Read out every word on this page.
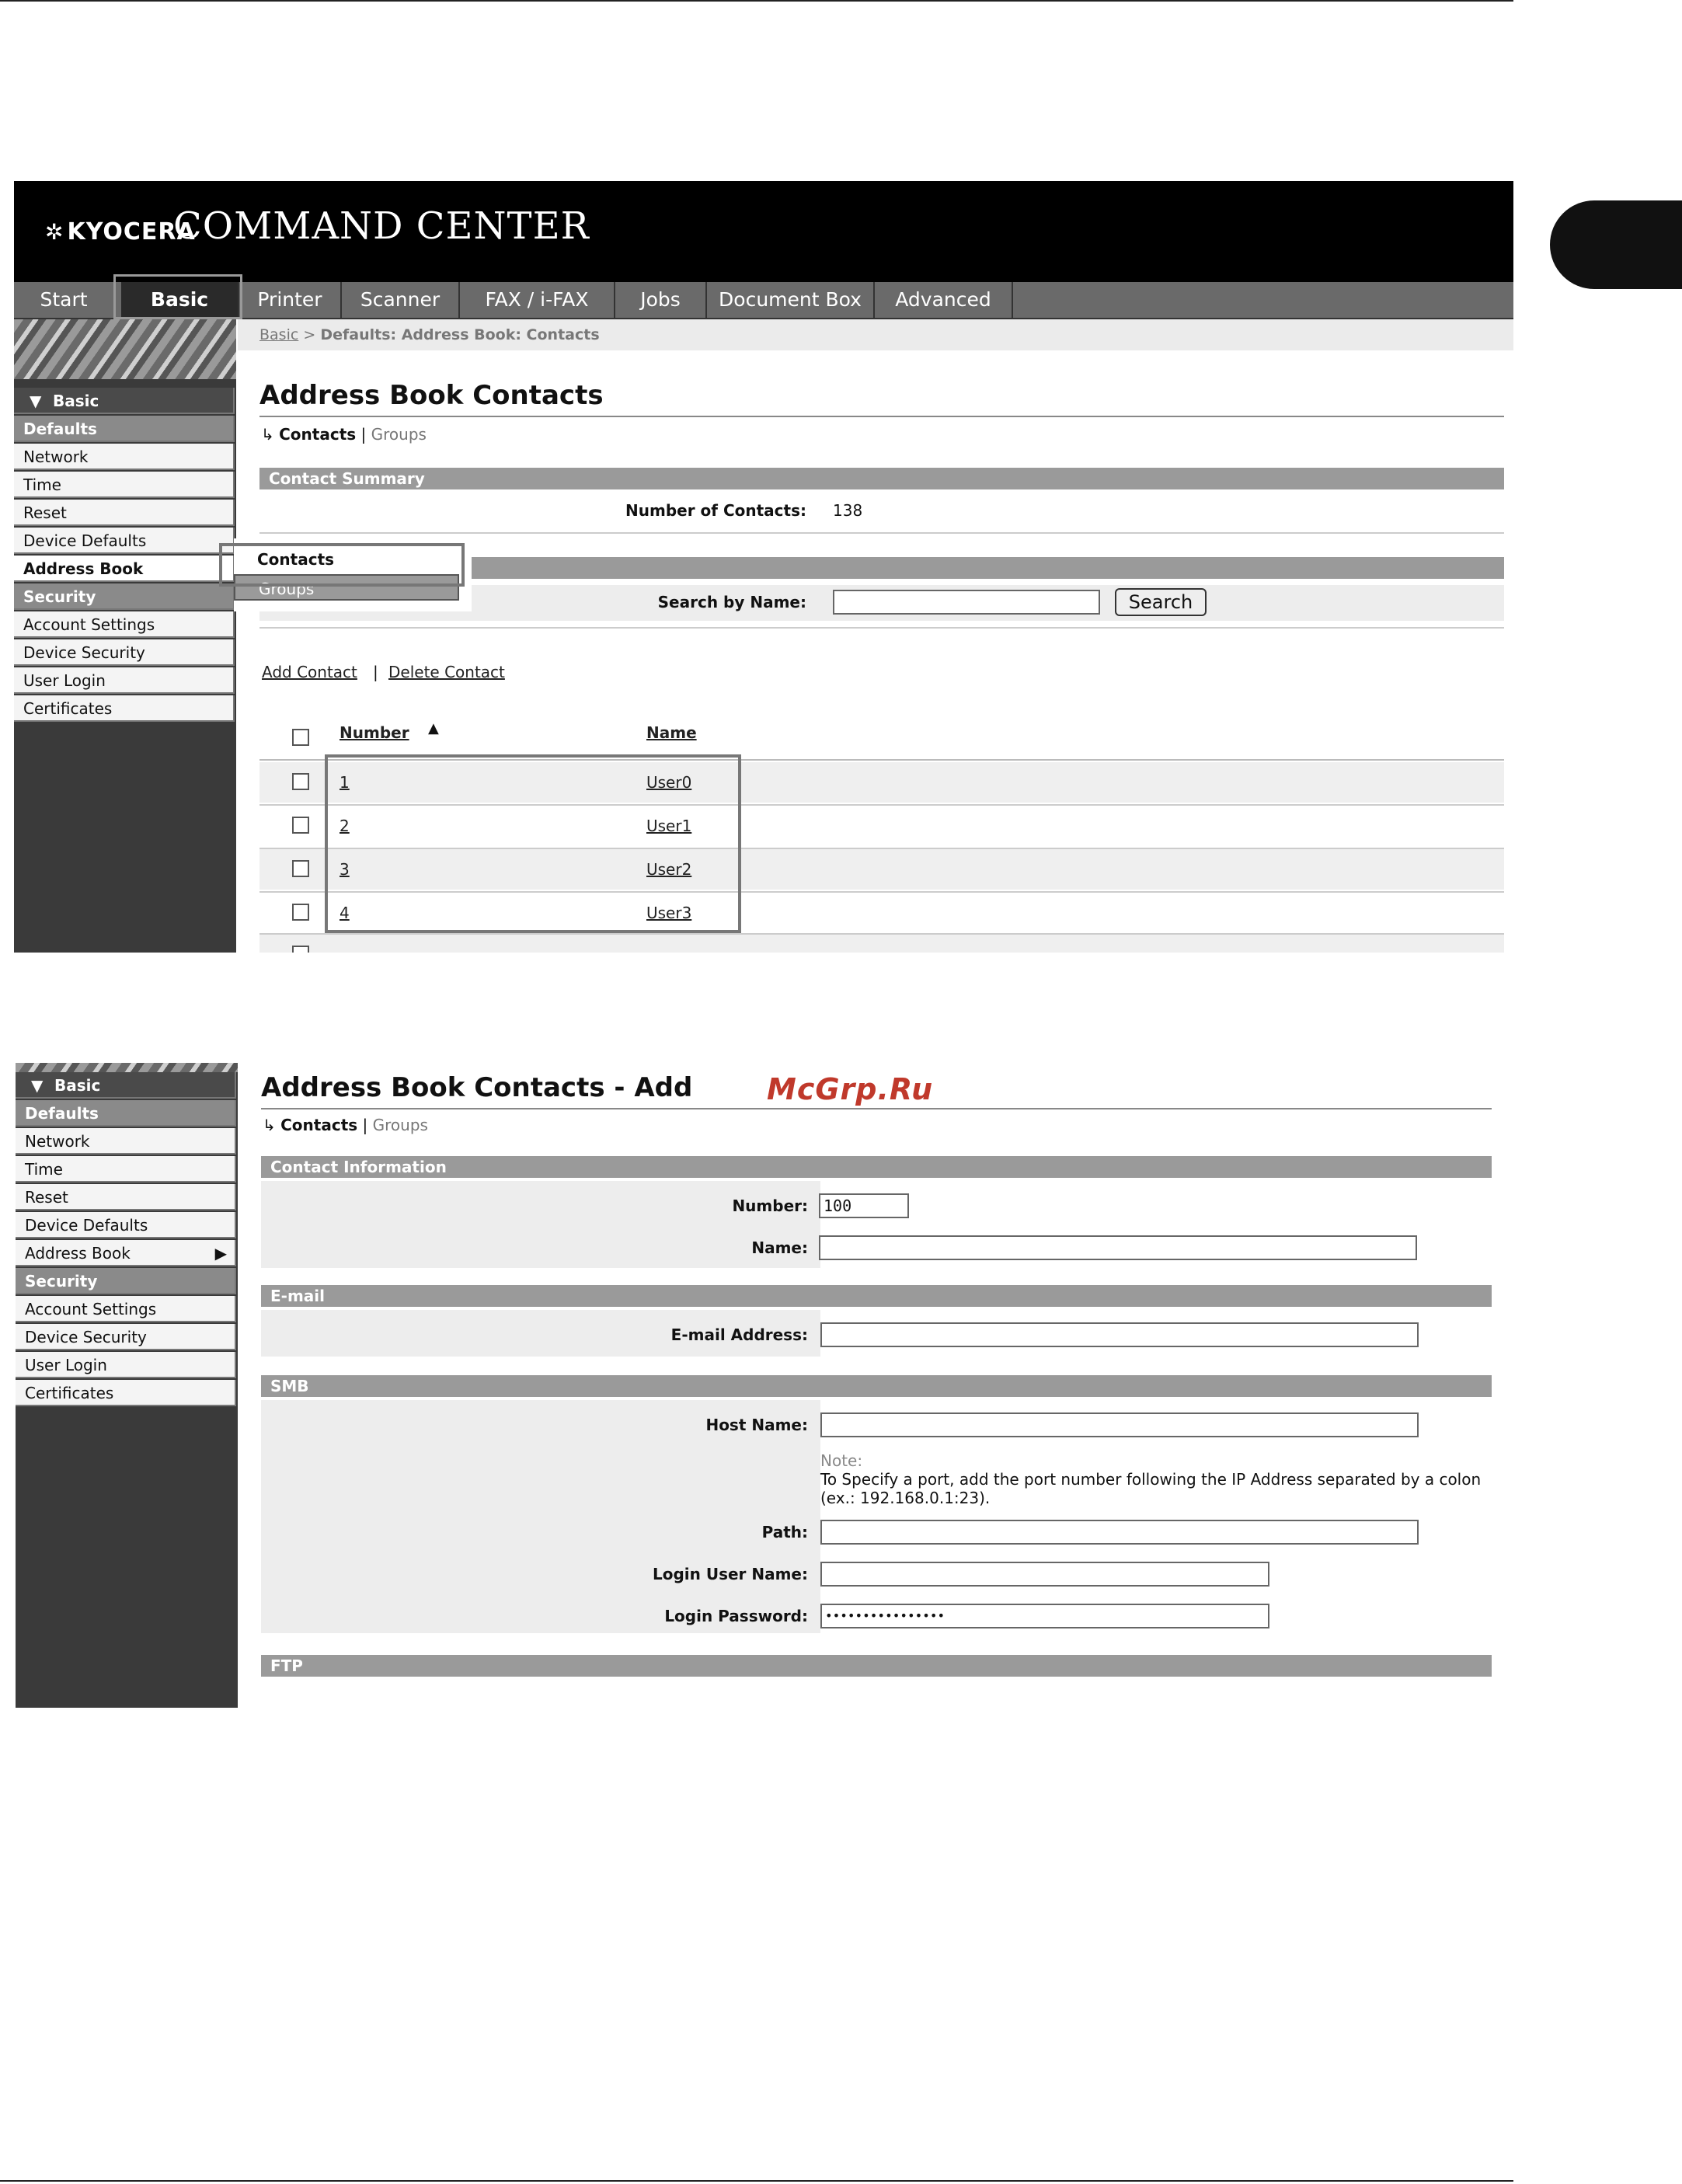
✲ KYOCERA
COMMAND CENTER
Start	Basic	Printer	Scanner	FAX / i-FAX	Jobs	Document Box	Advanced
▼ Basic
Defaults
Network
Time
Reset
Device Defaults
Address Book
Security
Account Settings
Device Security
User Login
Certificates
Basic > Defaults: Address Book: Contacts
Address Book Contacts
↳ Contacts | Groups
Contact Summary
Number of Contacts: 138
Search by Name:	Search
Contacts
Groups
Add Contact | Delete Contact
Number ▲	Name
1	User0
2	User1
3	User2
4	User3
▼ Basic
Defaults
Network
Time
Reset
Device Defaults
Address Book	▶
Security
Account Settings
Device Security
User Login
Certificates
Address Book Contacts - Add
↳ Contacts | Groups
Contact Information
Number:	100
Name:
E-mail
E-mail Address:
SMB
Host Name:
Note:
To Specify a port, add the port number following the IP Address separated by a colon (ex.: 192.168.0.1:23).
Path:
Login User Name:
Login Password:	••••••••••••••••
FTP
McGrp.Ru
